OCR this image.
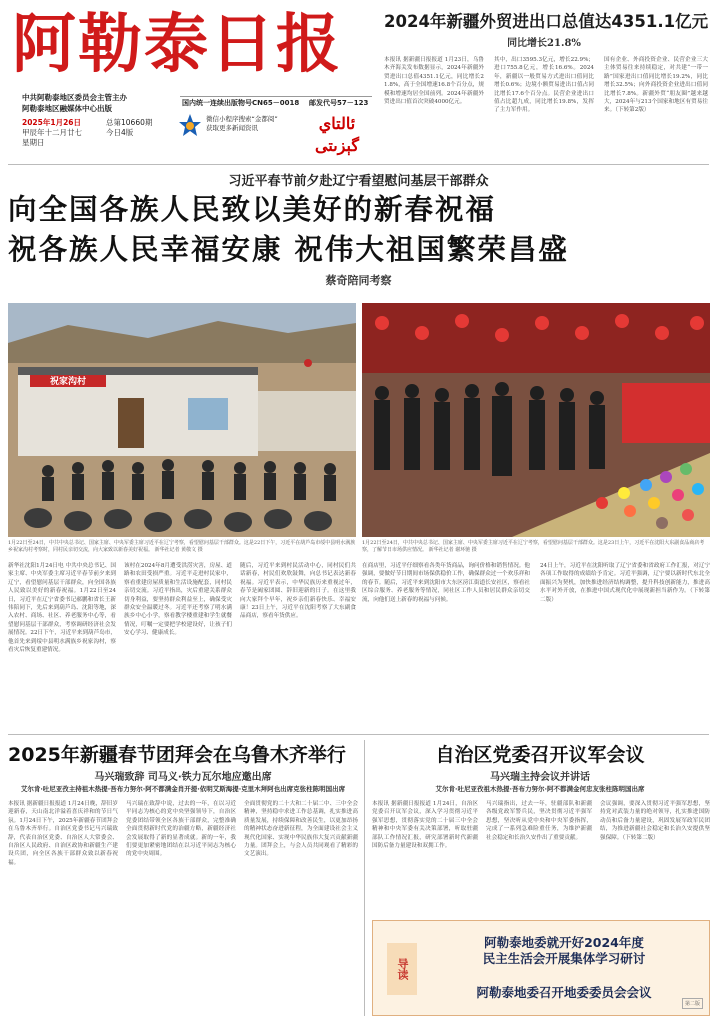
阿勒泰日报
中共阿勒泰地区委员会主管主办
阿勒泰地区融媒体中心出版
2025年1月26日
甲辰年十二月廿七
星期日
总第10660期
今日4版
国内统一连续出版物号CN65－0018 邮发代号57－123
微信小程序搜索“金都阅”
获取更多新闻资讯	ئالتاي گېزىتى
2024年新疆外贸进出口总值达4351.1亿元
同比增长21.8%
本报讯 据新疆日报报道 1月23日，乌鲁木齐海关发布数据显示，2024年新疆外贸进出口总值4351.1亿元，同比增长21.8%，高于全国增速16.8个百分点，规模和增速均居全国前列。2024年新疆外贸进出口值首次突破4000亿元。
其中，出口3595.3亿元，增长22.9%；进口755.8亿元，增长16.6%。2024年，新疆以一般贸易方式进出口值同比增长0.6%；边境小额贸易进出口值占同比增长17.6个百分点。民营企业进出口值占比超九成，同比增长19.8%，发挥了主力军作用。
国有企业、外商投资企业、民营企业三大主体贸易往来持续稳定，对共建“一带一路”国家进出口值同比增长19.2%，同比增长32.5%；向外商投资企业进出口值同比增长7.8%。新疆外贸“朋友圈”越来越大，2024年与213个国家和地区有贸易往来。（下转第2版）
习近平春节前夕赴辽宁看望慰问基层干部群众
向全国各族人民致以美好的新春祝福
祝各族人民幸福安康 祝伟大祖国繁荣昌盛
蔡奇陪同考察
祝家沟村
1月22日至24日，中共中央总书记、国家主席、中央军委主席习近平在辽宁考察，看望慰问基层干部群众。这是22日下午，习近平在葫芦岛市绥中县明水满族乡祝家沟村考察时，同村民亲切交流，向大家致以新春美好祝福。 新华社记者 黄敬文 摄
1月22日至24日，中共中央总书记、国家主席、中央军委主席习近平在辽宁考察，看望慰问基层干部群众。这是23日上午，习近平在沈阳大东副食品商店考察，了解节日市场供应情况。 新华社记者 谢环驰 摄
新华社沈阳1月24日电 中共中央总书记、国家主席、中央军委主席习近平春节前夕来到辽宁，看望慰问基层干部群众，向全国各族人民致以美好的新春祝福。1月22日至24日，习近平在辽宁省委书记郝鹏和省长王新伟陪同下，先后来到葫芦岛、沈阳等地，深入农村、商场、社区、养老服务中心等，看望慰问基层干部群众，考察调研经济社会发展情况。22日下午，习近平来到葫芦岛市，他首先来到绥中县明水满族乡祝家沟村，察看灾后恢复重建情况。
该村在2024年8月遭受洪涝灾害，房屋、道路和农田受损严重。习近平走进村民家中，察看重建房屋质量和生活设施配套，同村民亲切交流。习近平指出，灾后重建关系群众切身利益，要坚持群众利益至上，确保受灾群众安全温暖过冬。习近平还考察了明水满族乡中心小学，察看教学楼重建和学生就餐情况，叮嘱一定要把学校建设好，让孩子们安心学习、健康成长。
随后，习近平来到村民活动中心，同村民们共话新春，村民们欢欣鼓舞，向总书记表达新春祝福。习近平表示，中华民族历来重视过年，春节是阖家团圆、辞旧迎新的日子。在这里我向大家拜个早年，祝乡亲们新春快乐、幸福安康！23日上午，习近平在沈阳考察了大东副食品商店，察看年货供应。
在商店里，习近平仔细察看各类年货商品，询问价格和销售情况。他强调，要做好节日期间市场保供稳价工作，确保群众过一个欢乐祥和的春节。随后，习近平来到沈阳市大东区滂江街道长安社区，察看社区综合服务、养老服务等情况，同社区工作人员和居民群众亲切交流，向他们送上新春的祝福与问候。
24日上午，习近平在沈阳听取了辽宁省委和省政府工作汇报，对辽宁各项工作取得的成绩给予肯定。习近平强调，辽宁要以新时代东北全面振兴为契机，加快推进经济结构调整，提升科技创新能力，推进高水平对外开放，在推进中国式现代化中展现新担当新作为。（下转第二版）
2025年新疆春节团拜会在乌鲁木齐举行
马兴瑞致辞 司马义·铁力瓦尔地应邀出席
艾尔肯·吐尼亚孜主持祖木热提·吾布力努尔·阿不都满金肖开提·依明艾斯海提·克里木拜阿也出席克张柱陈明国出席
本报讯 据新疆日报报道 1月24日晚，辞旧岁迎新春，天山南北洋溢着喜庆祥和的节日气氛。1月24日下午，2025年新疆春节团拜会在乌鲁木齐举行。自治区党委书记马兴瑞致辞，代表自治区党委、自治区人大常委会、自治区人民政府、自治区政协和新疆生产建设兵团，向全区各族干部群众致以新春祝福。
马兴瑞在致辞中说，过去的一年，在以习近平同志为核心的党中央坚强领导下，自治区党委团结带领全区各族干部群众，完整准确全面贯彻新时代党的治疆方略，新疆经济社会发展取得了新的显著成就。新的一年，我们要更加紧密地团结在以习近平同志为核心的党中央周围。
全面贯彻党的二十大和二十届二中、三中全会精神，坚持稳中求进工作总基调，扎实推进高质量发展，持续保障和改善民生，以更加昂扬的精神状态奋进新征程，为全面建设社会主义现代化国家、实现中华民族伟大复兴贡献新疆力量。团拜会上，与会人员共同观看了精彩的文艺演出。
自治区党委召开议军会议
马兴瑞主持会议并讲话
艾尔肯·吐尼亚孜祖木热提·吾布力努尔·阿不都满金何忠友张柱陈明国出席
本报讯 据新疆日报报道 1月24日，自治区党委召开议军会议，深入学习贯彻习近平强军思想，贯彻落实党的二十届三中全会精神和中央军委有关决策部署，听取驻疆部队工作情况汇报，研究部署新时代新疆国防后备力量建设和双拥工作。
马兴瑞指出，过去一年，驻疆部队和新疆各级党政军警兵民，坚决贯彻习近平强军思想，坚决听从党中央和中央军委指挥，完成了一系列急难险重任务，为维护新疆社会稳定和长治久安作出了重要贡献。
会议强调，要深入贯彻习近平强军思想，坚持党对武装力量的绝对领导，扎实推进国防动员和后备力量建设，巩固发展军政军民团结，为推进新疆社会稳定和长治久安提供坚强保障。（下转第二版）
导读
阿勒泰地委就开好2024年度
民主生活会开展集体学习研讨
阿勒泰地委召开地委委员会会议
第二版
